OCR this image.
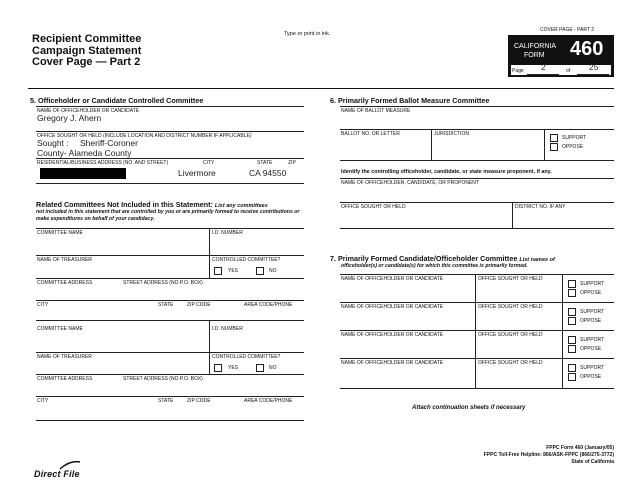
Type or print in ink.
Recipient Committee
Campaign Statement
Cover Page — Part 2
COVER PAGE - PART 2
CALIFORNIA
FORM 460
Page 2	of 25
5. Officeholder or Candidate Controlled Committee
NAME OF OFFICEHOLDER OR CANDIDATE
Gregory J. Ahern
OFFICE SOUGHT OR HELD (INCLUDE LOCATION AND DISTRICT NUMBER IF APPLICABLE)
Sought : Sheriff-Coroner
County- Alameda County
RESIDENTIAL/BUSINESS ADDRESS (NO. AND STREET)	CITY	STATE	ZIP
Livermore	CA 94550
Related Committees Not Included in this Statement: List any committees
not included in this statement that are controlled by you or are primarily formed to receive contributions or make expenditures on behalf of your candidacy.
COMMITTEE NAME	I.D. NUMBER
NAME OF TREASURER	CONTROLLED COMMITTEE?
YES	NO
COMMITTEE ADDRESS	STREET ADDRESS (NO P.O. BOX)
CITY	STATE	ZIP CODE	AREA CODE/PHONE
COMMITTEE NAME	I.D. NUMBER
NAME OF TREASURER	CONTROLLED COMMITTEE?
YES	NO
COMMITTEE ADDRESS	STREET ADDRESS (NO P.O. BOX)
CITY	STATE	ZIP CODE	AREA CODE/PHONE
6. Primarily Formed Ballot Measure Committee
NAME OF BALLOT MEASURE
BALLOT NO. OR LETTER	JURISDICTION
SUPPORT
OPPOSE
Identify the controlling officeholder, candidate, or state measure proponent, if any.
NAME OF OFFICEHOLDER, CANDIDATE, OR PROPONENT
OFFICE SOUGHT OR HELD	DISTRICT NO. IF ANY
7. Primarily Formed Candidate/Officeholder Committee List names of
officeholder(s) or candidate(s) for which this committee is primarily formed.
NAME OF OFFICEHOLDER OR CANDIDATE	OFFICE SOUGHT OR HELD
SUPPORT
OPPOSE
NAME OF OFFICEHOLDER OR CANDIDATE	OFFICE SOUGHT OR HELD
SUPPORT
OPPOSE
NAME OF OFFICEHOLDER OR CANDIDATE	OFFICE SOUGHT OR HELD
SUPPORT
OPPOSE
NAME OF OFFICEHOLDER OR CANDIDATE	OFFICE SOUGHT OR HELD
SUPPORT
OPPOSE
Attach continuation sheets if necessary
FPPC Form 460 (January/05)
FPPC Toll-Free Helpline: 866/ASK-FPPC (866/275-3772)
State of California
Direct File
